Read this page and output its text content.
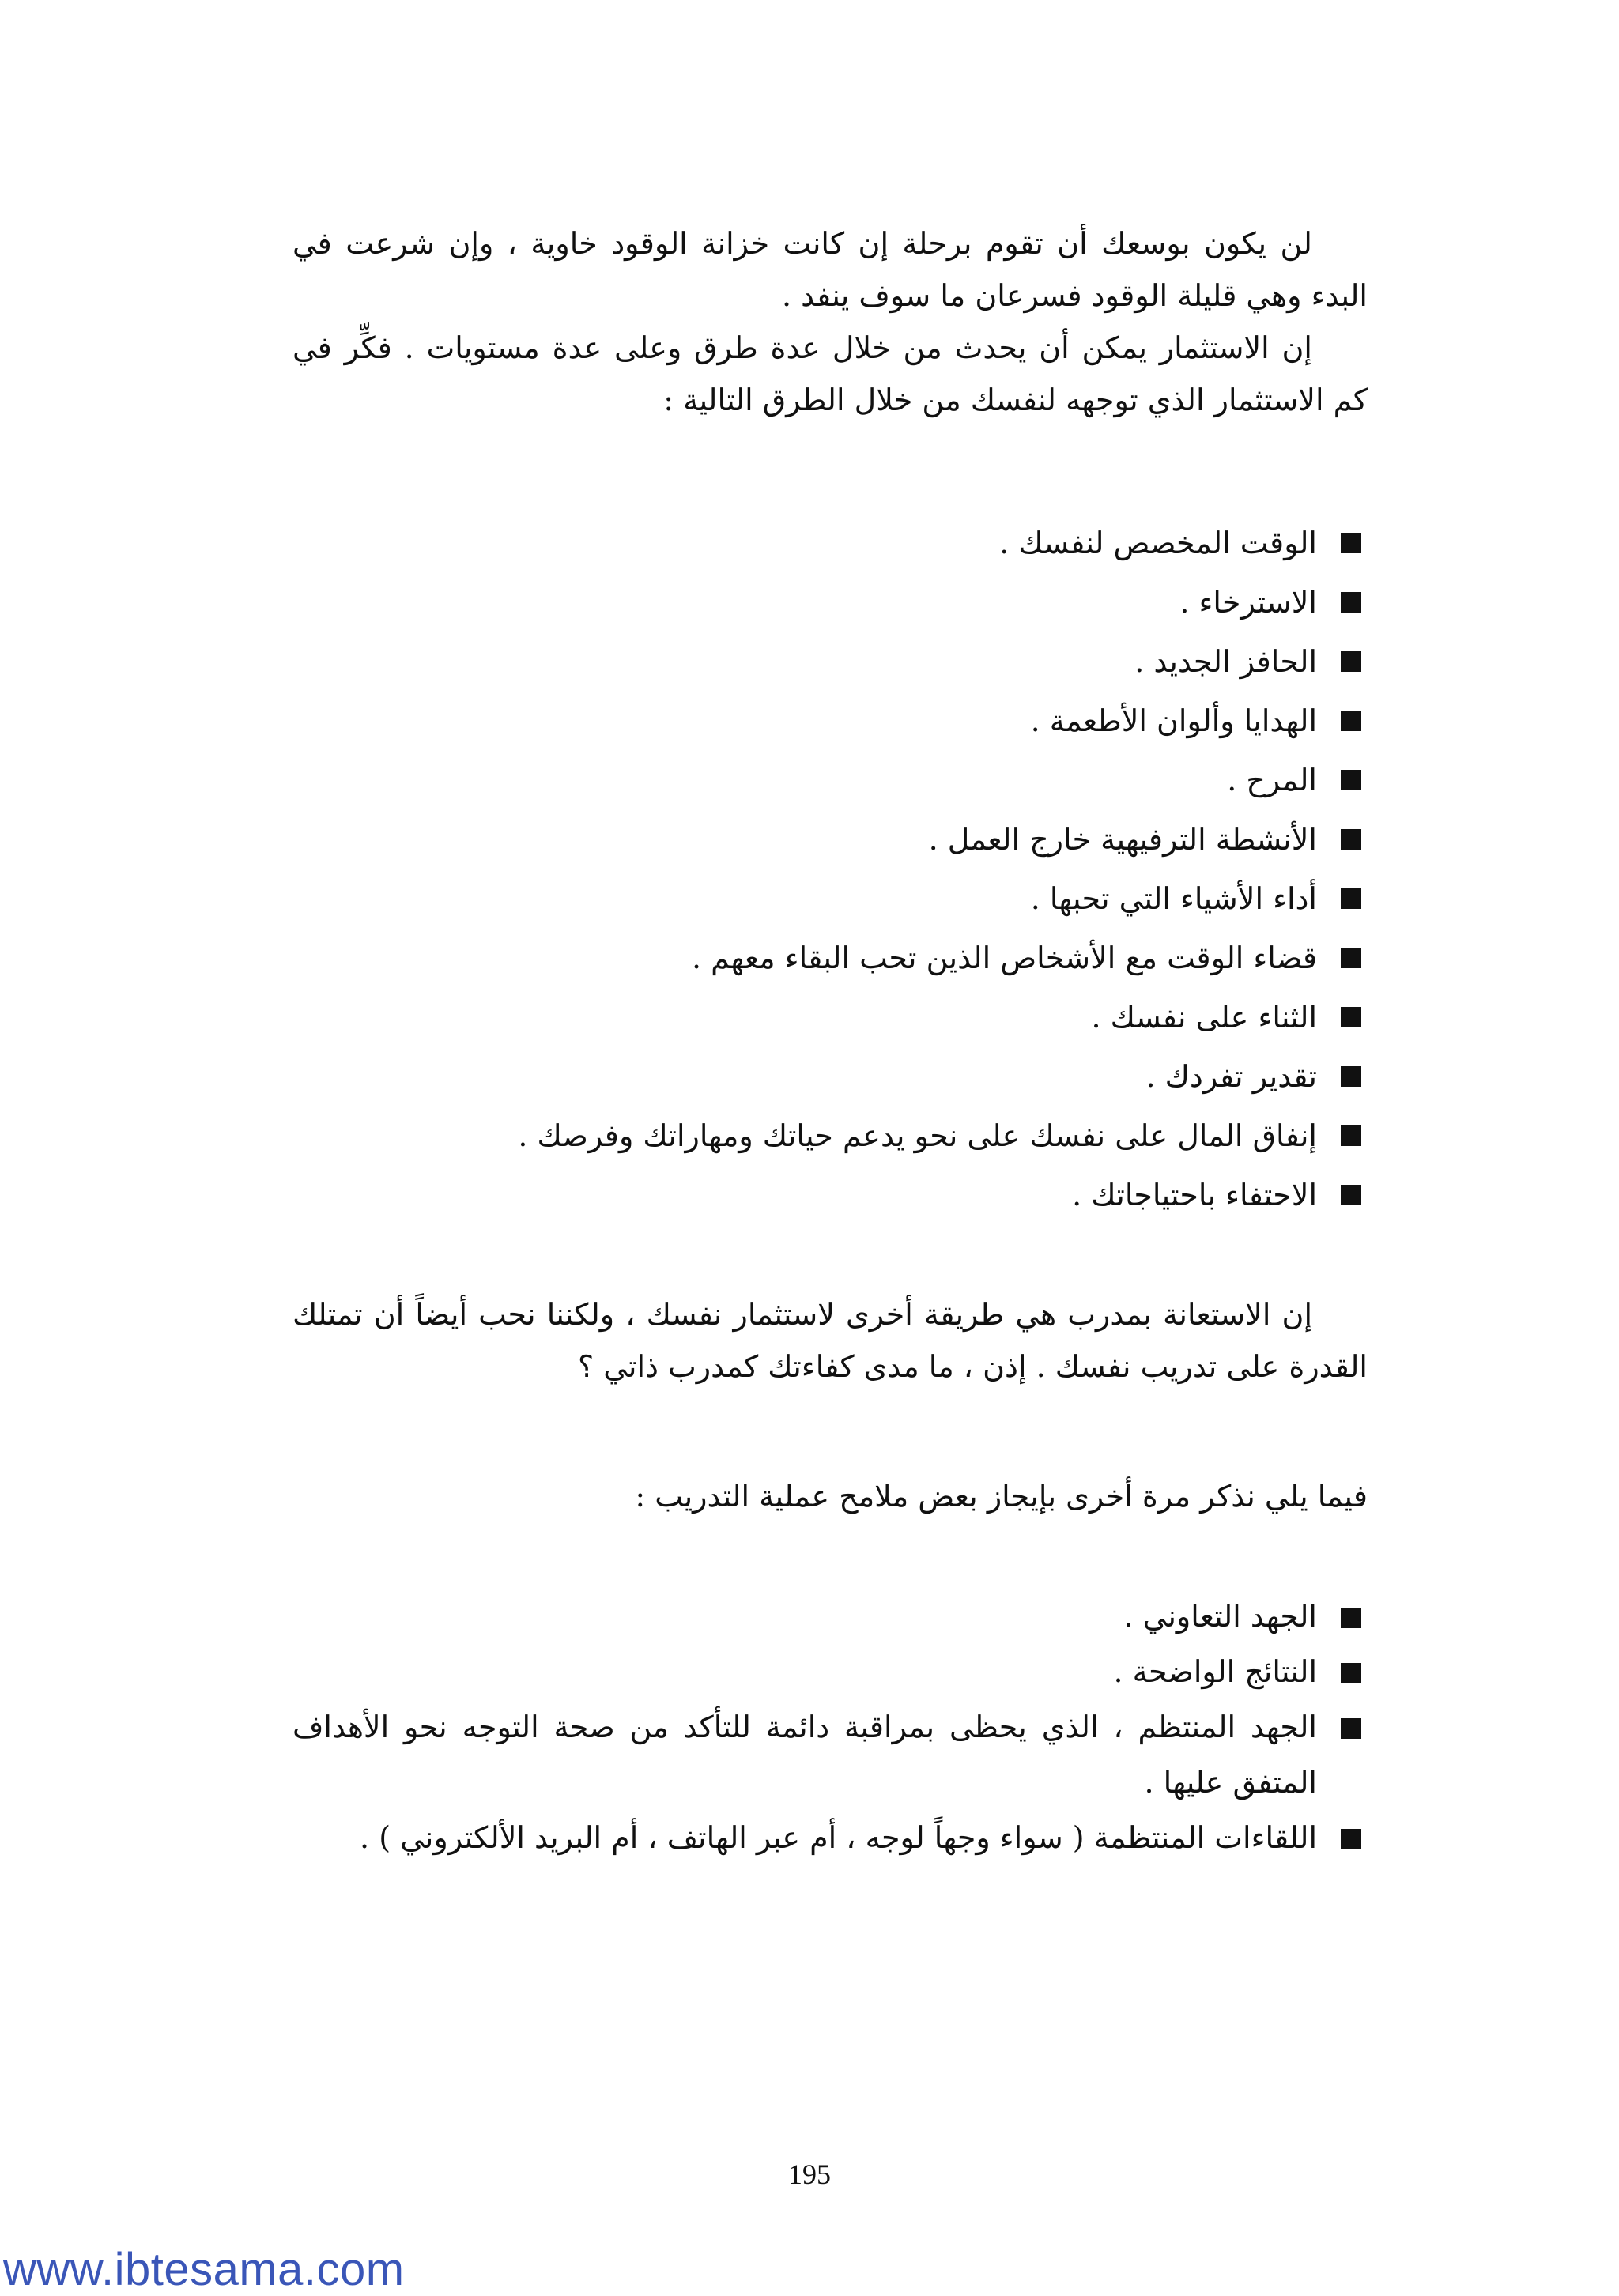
لن يكون بوسعك أن تقوم برحلة إن كانت خزانة الوقود خاوية ، وإن شرعت في البدء وهي قليلة الوقود فسرعان ما سوف ينفد .

إن الاستثمار يمكن أن يحدث من خلال عدة طرق وعلى عدة مستويات . فكِّر في كم الاستثمار الذي توجهه لنفسك من خلال الطرق التالية :

الوقت المخصص لنفسك .
الاسترخاء .
الحافز الجديد .
الهدايا وألوان الأطعمة .
المرح .
الأنشطة الترفيهية خارج العمل .
أداء الأشياء التي تحبها .
قضاء الوقت مع الأشخاص الذين تحب البقاء معهم .
الثناء على نفسك .
تقدير تفردك .
إنفاق المال على نفسك على نحو يدعم حياتك ومهاراتك وفرصك .
الاحتفاء باحتياجاتك .

إن الاستعانة بمدرب هي طريقة أخرى لاستثمار نفسك ، ولكننا نحب أيضاً أن تمتلك القدرة على تدريب نفسك . إذن ، ما مدى كفاءتك كمدرب ذاتي ؟

فيما يلي نذكر مرة أخرى بإيجاز بعض ملامح عملية التدريب :

الجهد التعاوني .
النتائج الواضحة .
الجهد المنتظم ، الذي يحظى بمراقبة دائمة للتأكد من صحة التوجه نحو الأهداف المتفق عليها .
اللقاءات المنتظمة ( سواء وجهاً لوجه ، أم عبر الهاتف ، أم البريد الألكتروني ) .
195
www.ibtesama.com
